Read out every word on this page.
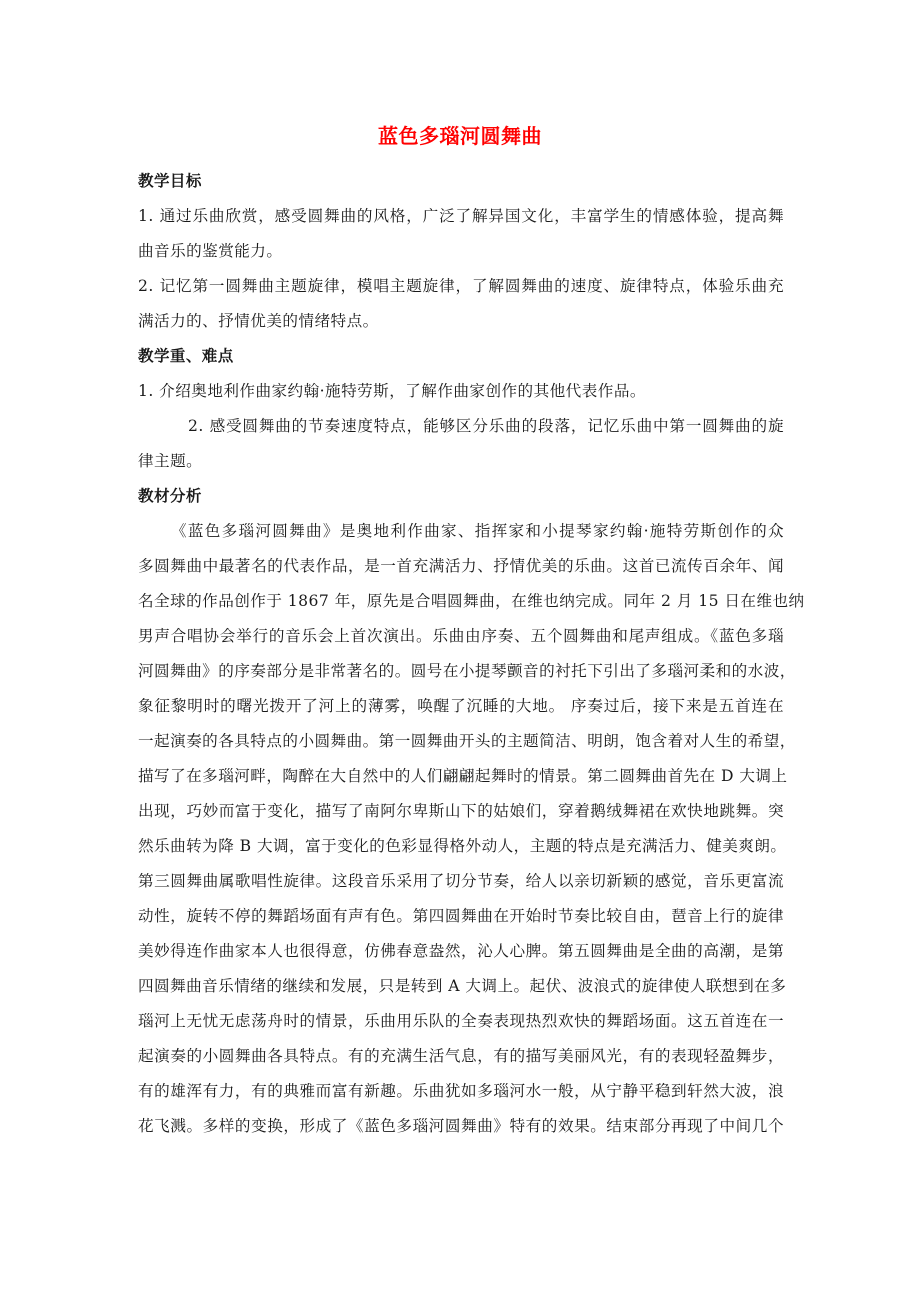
蓝色多瑙河圆舞曲
教学目标
1. 通过乐曲欣赏，感受圆舞曲的风格，广泛了解异国文化，丰富学生的情感体验，提高舞
曲音乐的鉴赏能力。
2. 记忆第一圆舞曲主题旋律，模唱主题旋律，了解圆舞曲的速度、旋律特点，体验乐曲充
满活力的、抒情优美的情绪特点。
教学重、难点
1. 介绍奥地利作曲家约翰·施特劳斯，了解作曲家创作的其他代表作品。
2. 感受圆舞曲的节奏速度特点，能够区分乐曲的段落，记忆乐曲中第一圆舞曲的旋
律主题。
教材分析
《蓝色多瑙河圆舞曲》是奥地利作曲家、指挥家和小提琴家约翰·施特劳斯创作的众
多圆舞曲中最著名的代表作品，是一首充满活力、抒情优美的乐曲。这首已流传百余年、闻
名全球的作品创作于 1867 年，原先是合唱圆舞曲，在维也纳完成。同年 2 月 15 日在维也纳
男声合唱协会举行的音乐会上首次演出。乐曲由序奏、五个圆舞曲和尾声组成。《蓝色多瑙
河圆舞曲》的序奏部分是非常著名的。圆号在小提琴颤音的衬托下引出了多瑙河柔和的水波，
象征黎明时的曙光拨开了河上的薄雾，唤醒了沉睡的大地。 序奏过后，接下来是五首连在
一起演奏的各具特点的小圆舞曲。第一圆舞曲开头的主题简洁、明朗，饱含着对人生的希望，
描写了在多瑙河畔，陶醉在大自然中的人们翩翩起舞时的情景。第二圆舞曲首先在 D 大调上
出现，巧妙而富于变化，描写了南阿尔卑斯山下的姑娘们，穿着鹅绒舞裙在欢快地跳舞。突
然乐曲转为降 B 大调，富于变化的色彩显得格外动人，主题的特点是充满活力、健美爽朗。
第三圆舞曲属歌唱性旋律。这段音乐采用了切分节奏，给人以亲切新颖的感觉，音乐更富流
动性，旋转不停的舞蹈场面有声有色。第四圆舞曲在开始时节奏比较自由，琶音上行的旋律
美妙得连作曲家本人也很得意，仿佛春意盎然，沁人心脾。第五圆舞曲是全曲的高潮，是第
四圆舞曲音乐情绪的继续和发展，只是转到 A 大调上。起伏、波浪式的旋律使人联想到在多
瑙河上无忧无虑荡舟时的情景，乐曲用乐队的全奏表现热烈欢快的舞蹈场面。这五首连在一
起演奏的小圆舞曲各具特点。有的充满生活气息，有的描写美丽风光，有的表现轻盈舞步，
有的雄浑有力，有的典雅而富有新趣。乐曲犹如多瑙河水一般，从宁静平稳到轩然大波，浪
花飞溅。多样的变换，形成了《蓝色多瑙河圆舞曲》特有的效果。结束部分再现了中间几个
